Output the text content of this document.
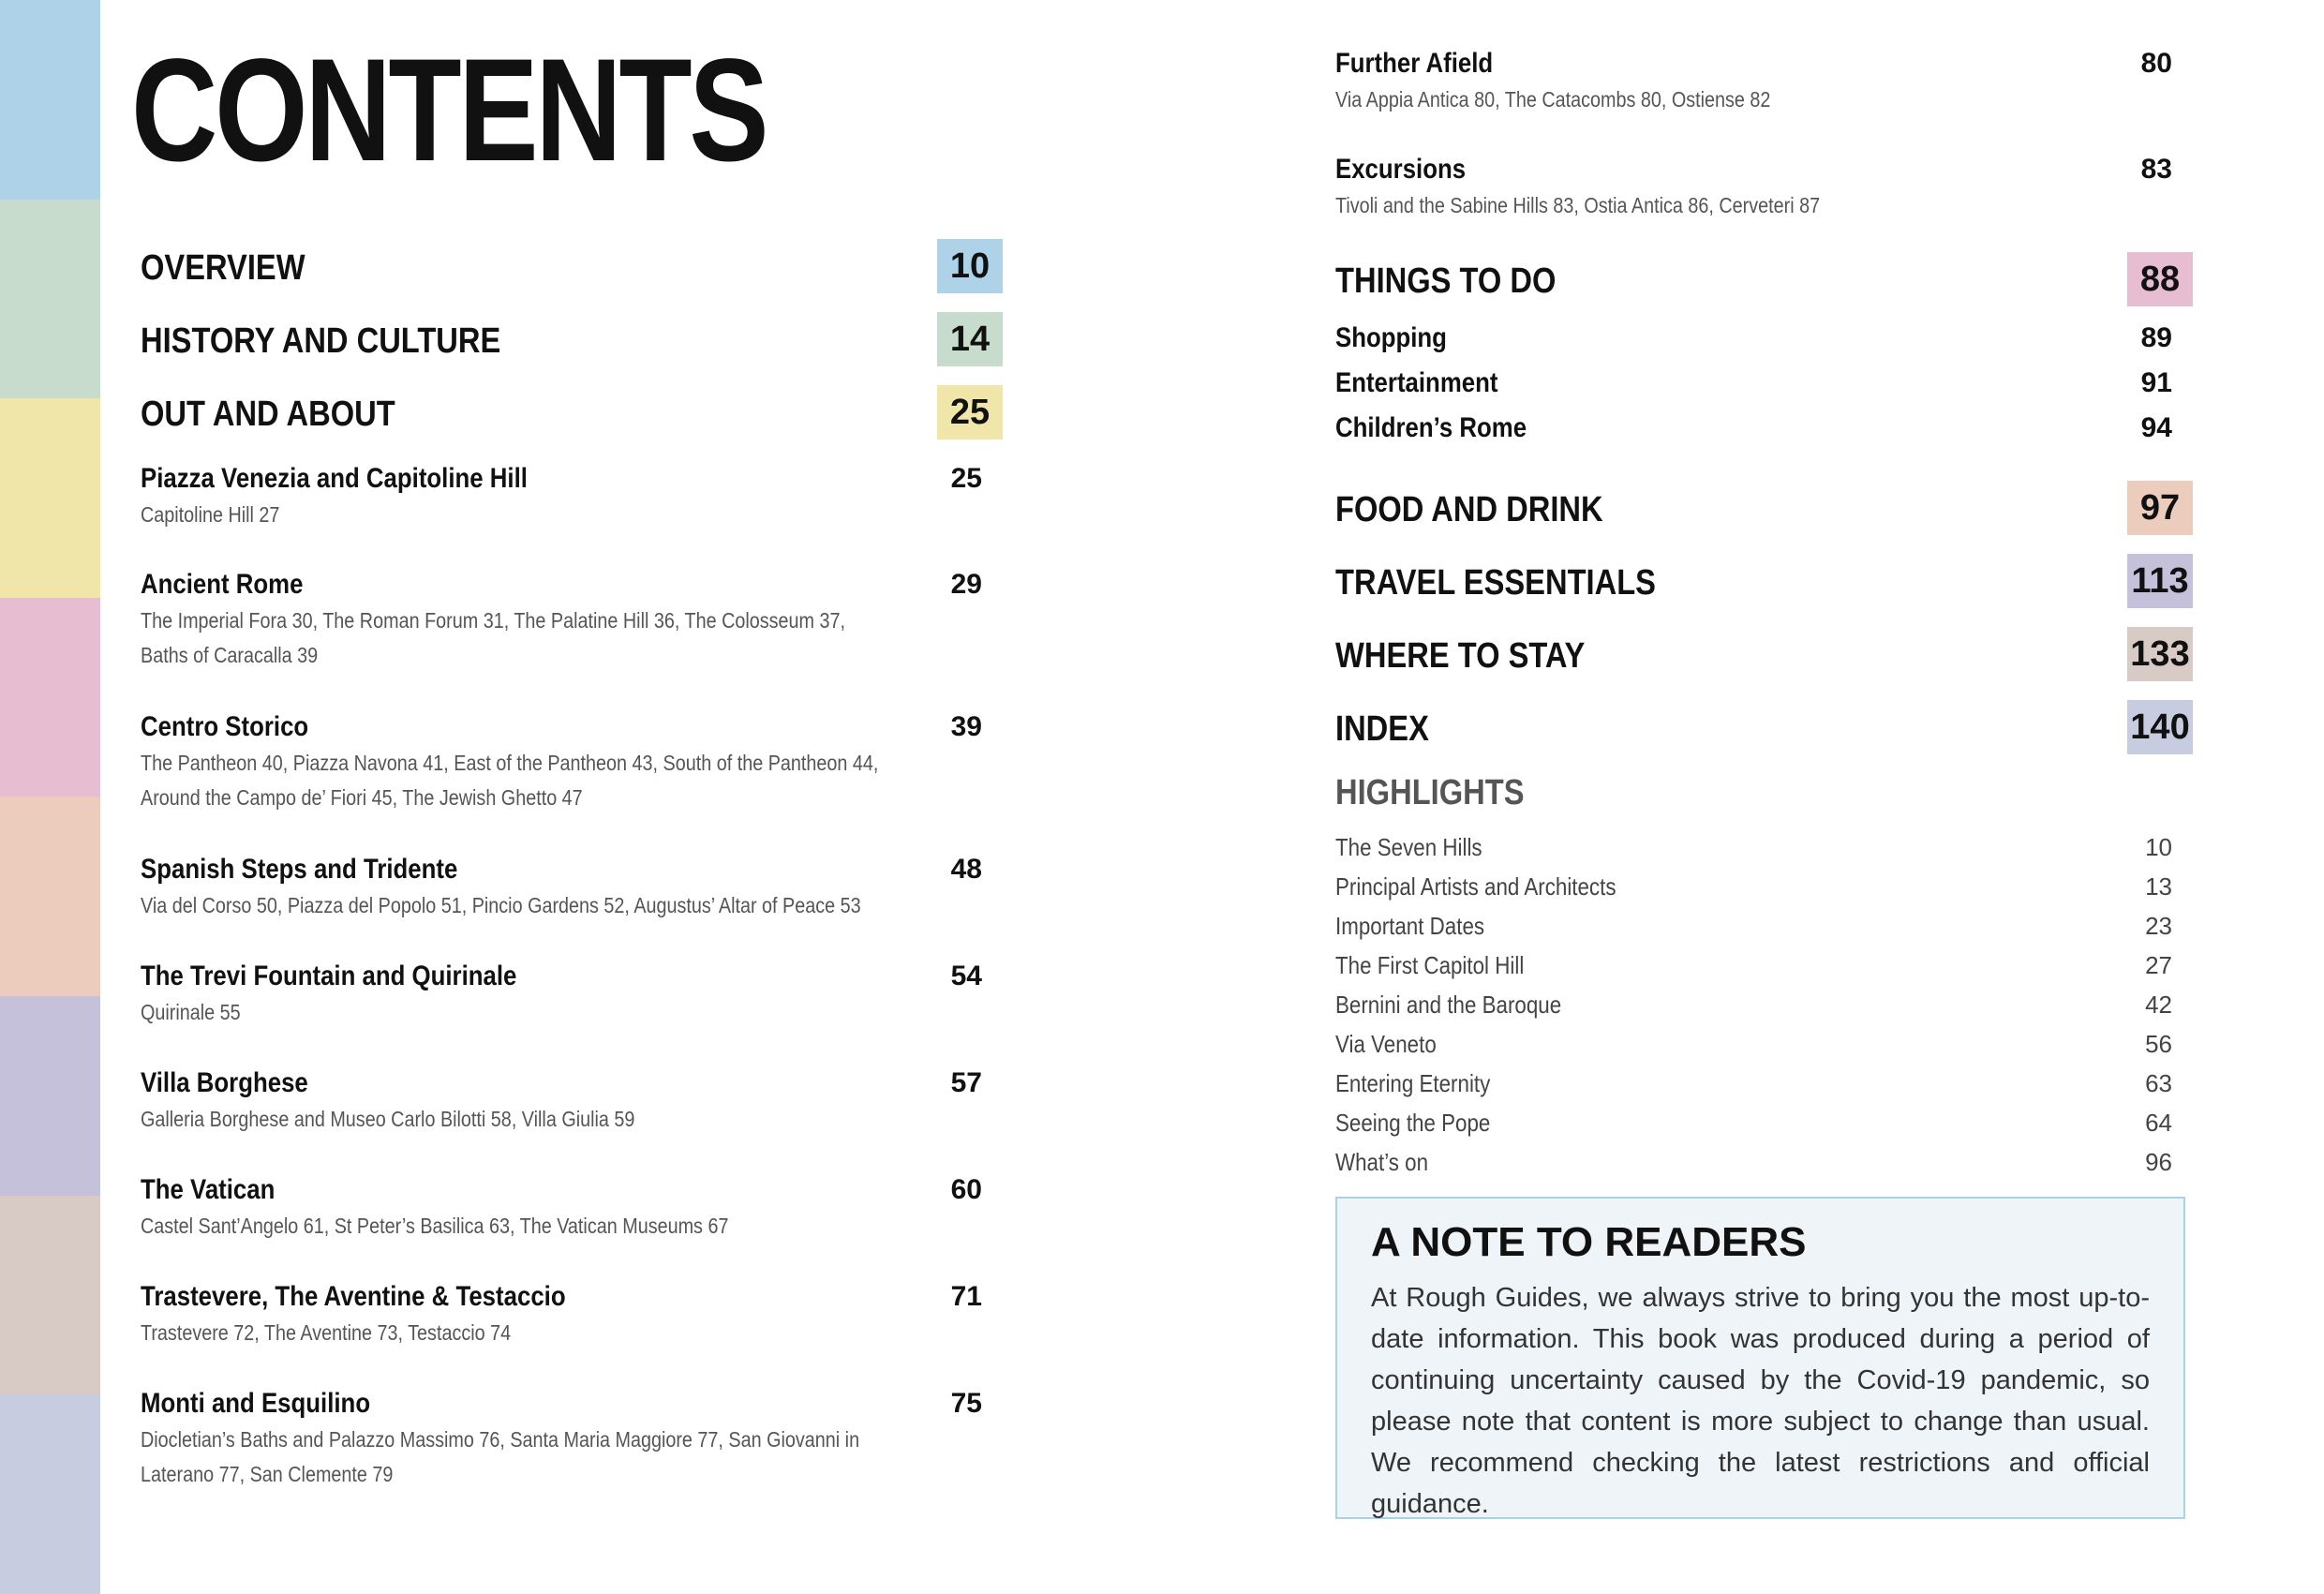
CONTENTS
OVERVIEW	10
HISTORY AND CULTURE	14
OUT AND ABOUT	25
Piazza Venezia and Capitoline Hill	25
Capitoline Hill 27
Ancient Rome	29
The Imperial Fora 30, The Roman Forum 31, The Palatine Hill 36, The Colosseum 37, Baths of Caracalla 39
Centro Storico	39
The Pantheon 40, Piazza Navona 41, East of the Pantheon 43, South of the Pantheon 44, Around the Campo de’ Fiori 45, The Jewish Ghetto 47
Spanish Steps and Tridente	48
Via del Corso 50, Piazza del Popolo 51, Pincio Gardens 52, Augustus’ Altar of Peace 53
The Trevi Fountain and Quirinale	54
Quirinale 55
Villa Borghese	57
Galleria Borghese and Museo Carlo Bilotti 58, Villa Giulia 59
The Vatican	60
Castel Sant’Angelo 61, St Peter’s Basilica 63, The Vatican Museums 67
Trastevere, The Aventine & Testaccio	71
Trastevere 72, The Aventine 73, Testaccio 74
Monti and Esquilino	75
Diocletian’s Baths and Palazzo Massimo 76, Santa Maria Maggiore 77, San Giovanni in Laterano 77, San Clemente 79
Further Afield	80
Via Appia Antica 80, The Catacombs 80, Ostiense 82
Excursions	83
Tivoli and the Sabine Hills 83, Ostia Antica 86, Cerveteri 87
THINGS TO DO	88
Shopping	89
Entertainment	91
Children’s Rome	94
FOOD AND DRINK	97
TRAVEL ESSENTIALS	113
WHERE TO STAY	133
INDEX	140
HIGHLIGHTS
The Seven Hills	10
Principal Artists and Architects	13
Important Dates	23
The First Capitol Hill	27
Bernini and the Baroque	42
Via Veneto	56
Entering Eternity	63
Seeing the Pope	64
What’s on	96
A NOTE TO READERS

At Rough Guides, we always strive to bring you the most up-to-date information. This book was produced during a period of continuing uncertainty caused by the Covid-19 pandemic, so please note that content is more subject to change than usual. We recommend checking the latest restrictions and official guidance.
